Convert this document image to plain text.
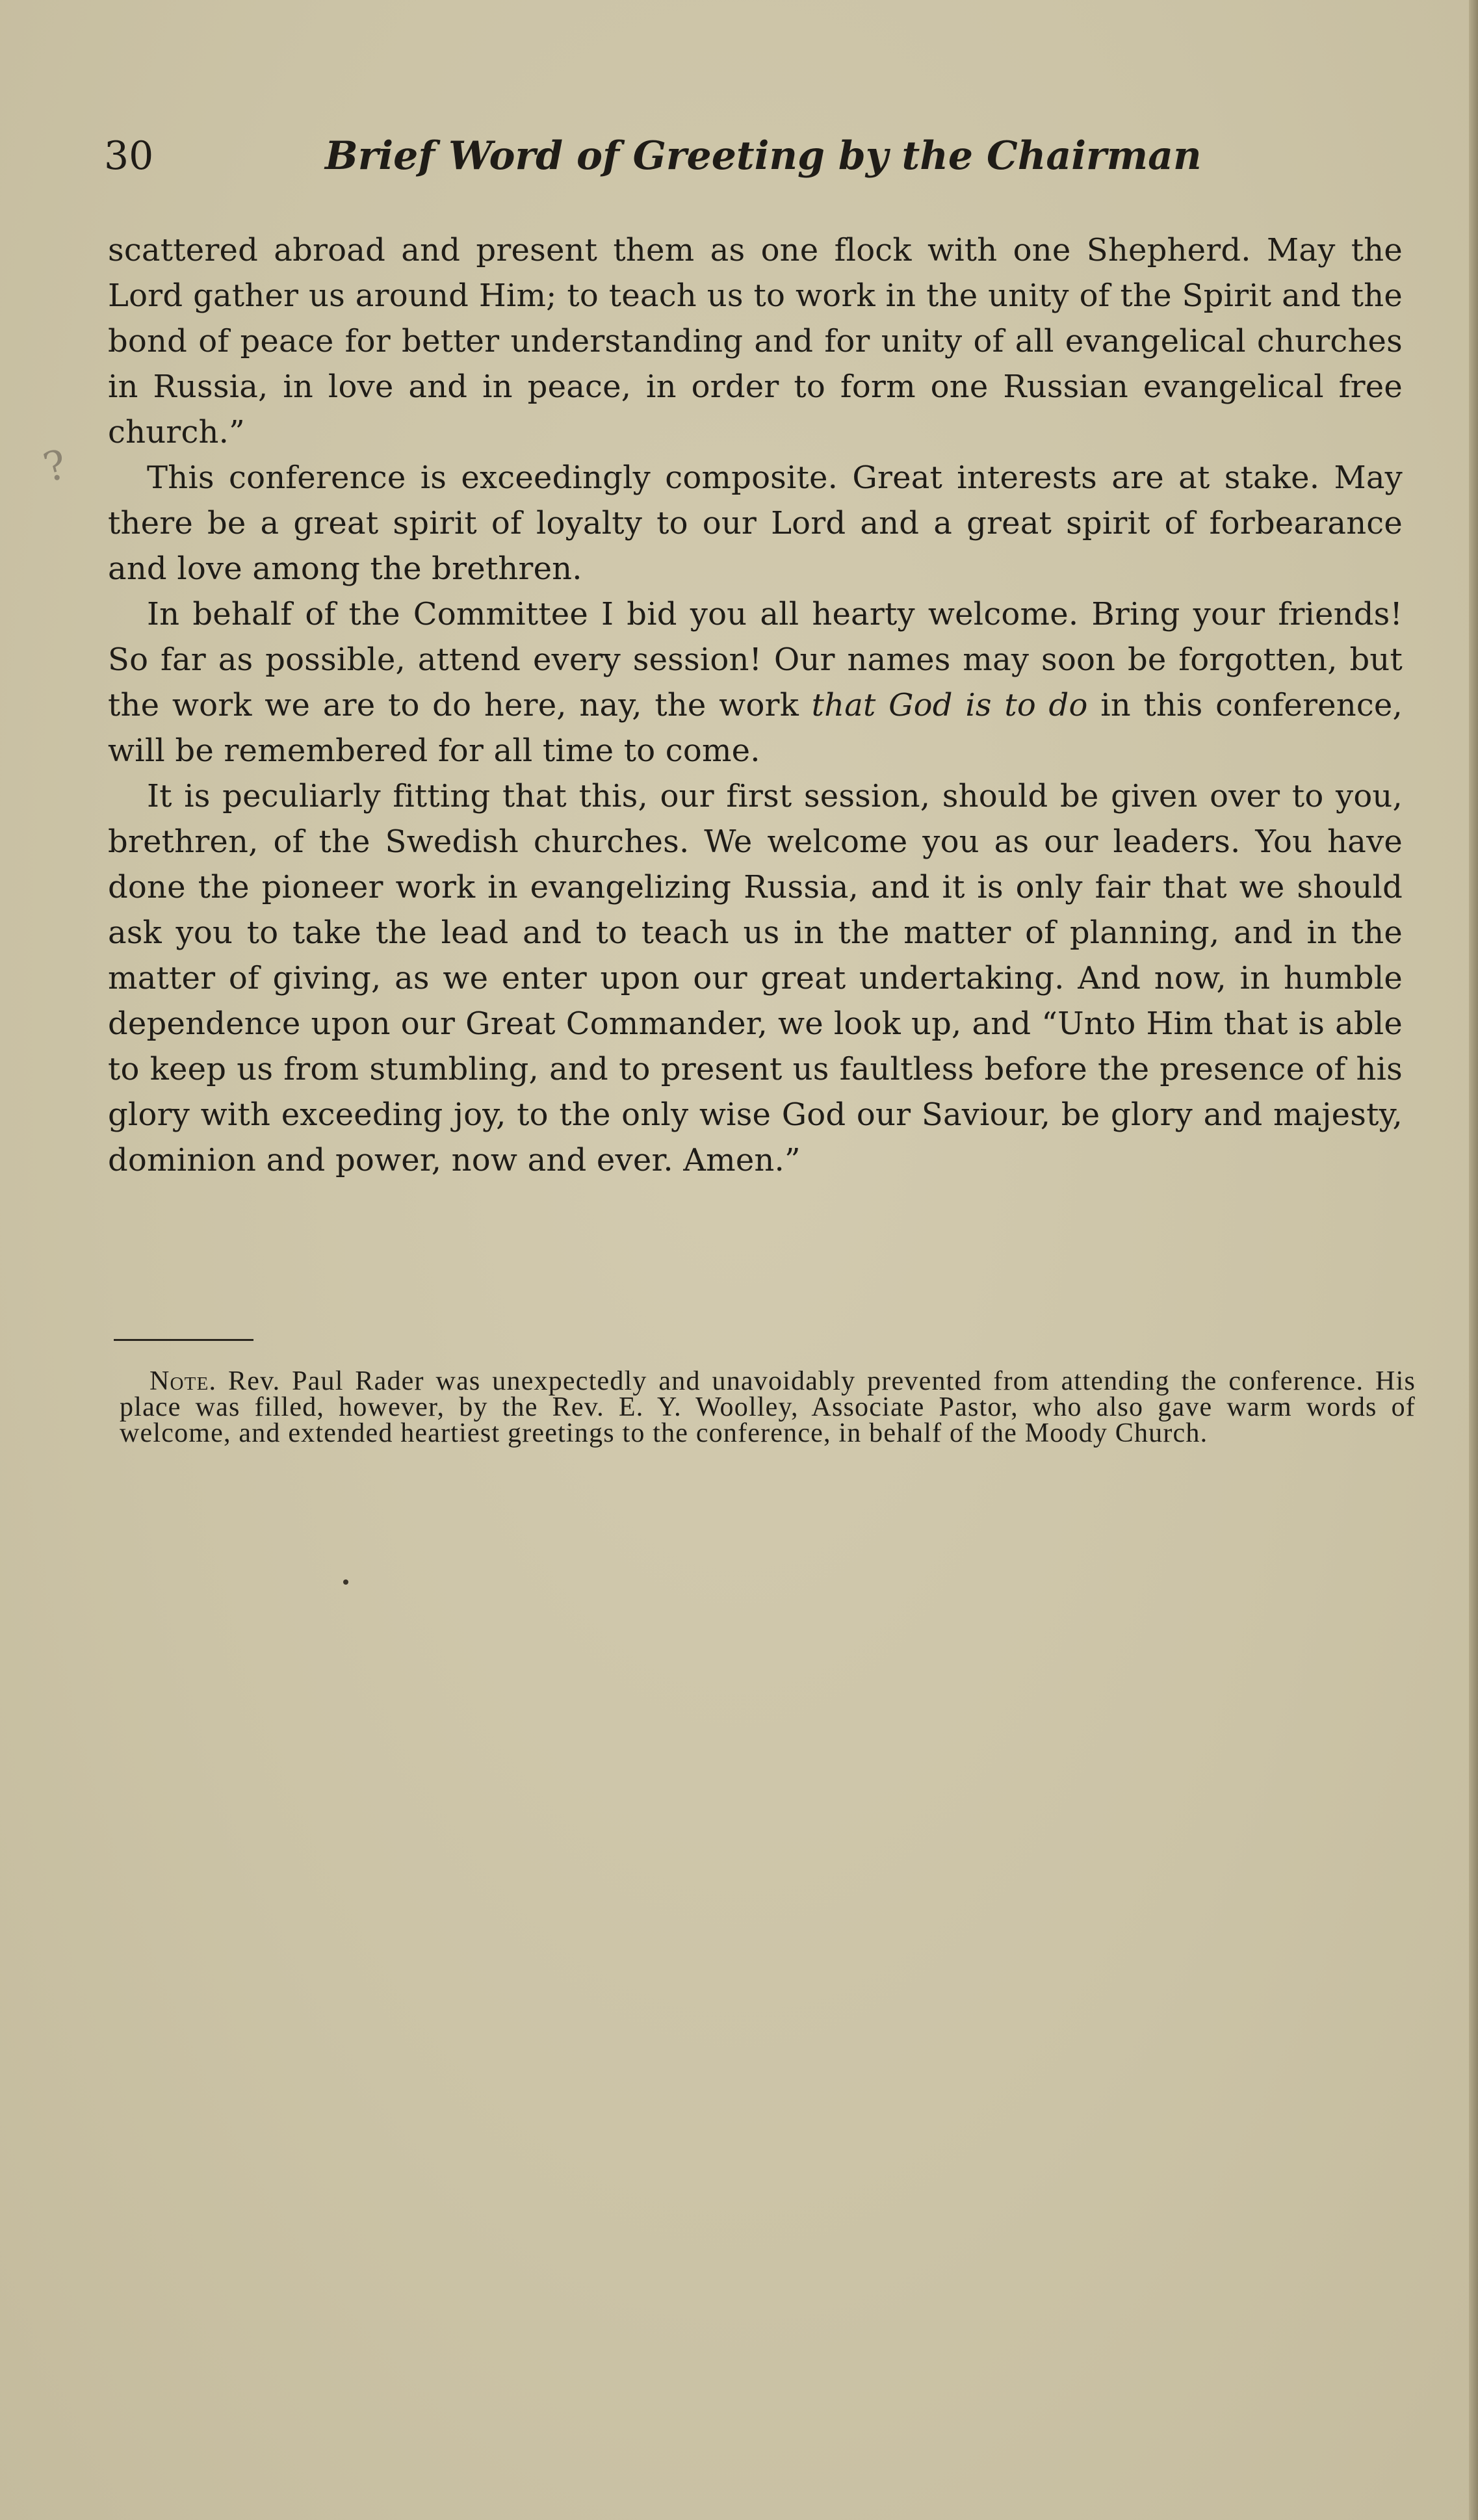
30	Brief Word of Greeting by the Chairman
?

scattered abroad and present them as one flock with one Shepherd. May the Lord gather us around Him; to teach us to work in the unity of the Spirit and the bond of peace for better understanding and for unity of all evangelical churches in Russia, in love and in peace, in order to form one Russian evangelical free church.”

This conference is exceedingly composite. Great interests are at stake. May there be a great spirit of loyalty to our Lord and a great spirit of forbearance and love among the brethren.

In behalf of the Committee I bid you all hearty welcome. Bring your friends! So far as possible, attend every session! Our names may soon be forgotten, but the work we are to do here, nay, the work that God is to do in this conference, will be remembered for all time to come.

It is peculiarly fitting that this, our first session, should be given over to you, brethren, of the Swedish churches. We welcome you as our leaders. You have done the pioneer work in evangelizing Russia, and it is only fair that we should ask you to take the lead and to teach us in the matter of planning, and in the matter of giving, as we enter upon our great undertaking. And now, in humble dependence upon our Great Commander, we look up, and “Unto Him that is able to keep us from stumbling, and to present us faultless before the presence of his glory with exceeding joy, to the only wise God our Saviour, be glory and majesty, dominion and power, now and ever. Amen.”

Note. Rev. Paul Rader was unexpectedly and unavoidably prevented from attending the conference. His place was filled, however, by the Rev. E. Y. Woolley, Associate Pastor, who also gave warm words of welcome, and extended heartiest greetings to the conference, in behalf of the Moody Church.
